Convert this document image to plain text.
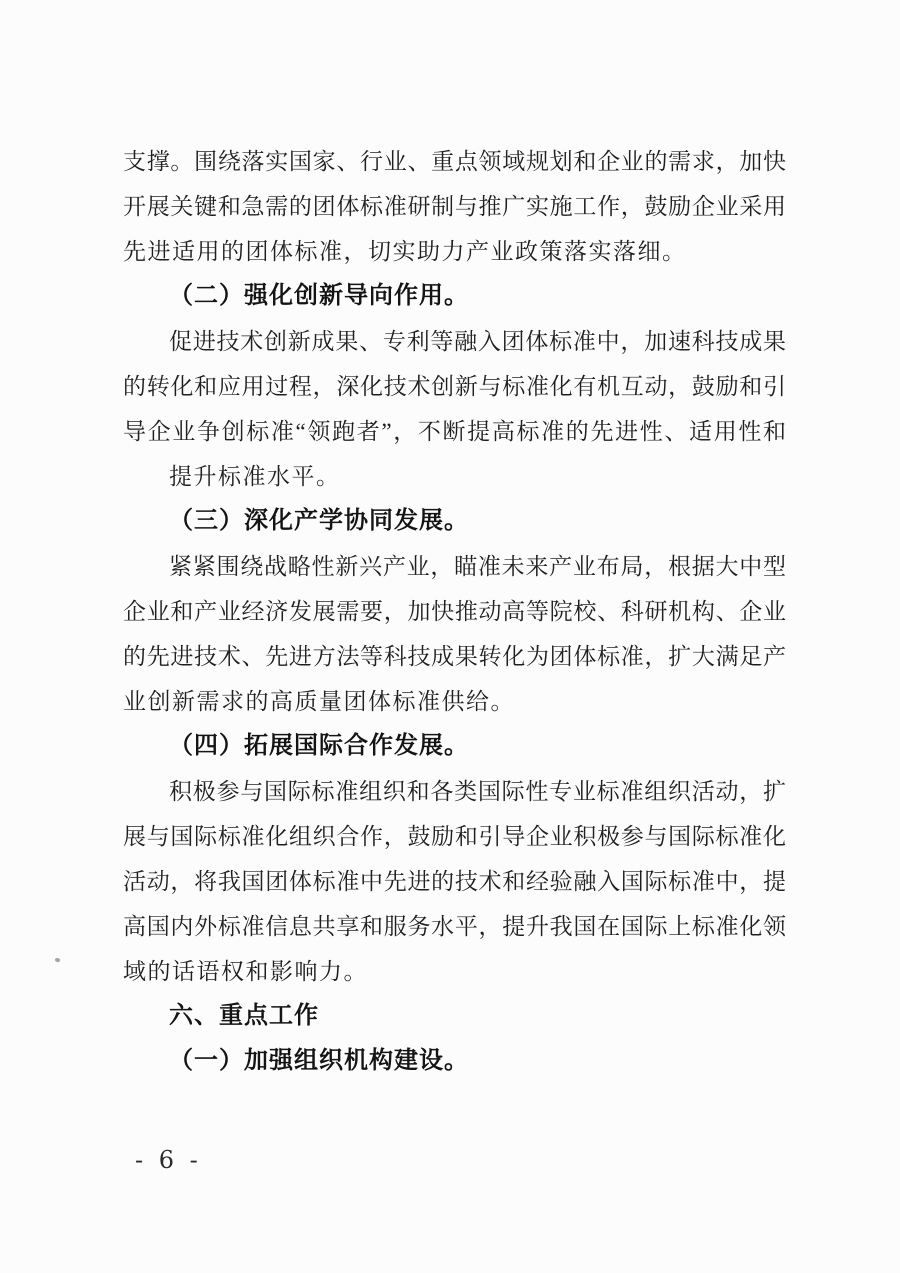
支撑。围绕落实国家、行业、重点领域规划和企业的需求，加快
开展关键和急需的团体标准研制与推广实施工作，鼓励企业采用
先进适用的团体标准，切实助力产业政策落实落细。
（二）强化创新导向作用。
促进技术创新成果、专利等融入团体标准中，加速科技成果
的转化和应用过程，深化技术创新与标准化有机互动，鼓励和引
导企业争创标准“领跑者”，不断提高标准的先进性、适用性和
提升标准水平。
（三）深化产学协同发展。
紧紧围绕战略性新兴产业，瞄准未来产业布局，根据大中型
企业和产业经济发展需要，加快推动高等院校、科研机构、企业
的先进技术、先进方法等科技成果转化为团体标准，扩大满足产
业创新需求的高质量团体标准供给。
（四）拓展国际合作发展。
积极参与国际标准组织和各类国际性专业标准组织活动，扩
展与国际标准化组织合作，鼓励和引导企业积极参与国际标准化
活动，将我国团体标准中先进的技术和经验融入国际标准中，提
高国内外标准信息共享和服务水平，提升我国在国际上标准化领
域的话语权和影响力。
六、重点工作
（一）加强组织机构建设。
- 6 -
